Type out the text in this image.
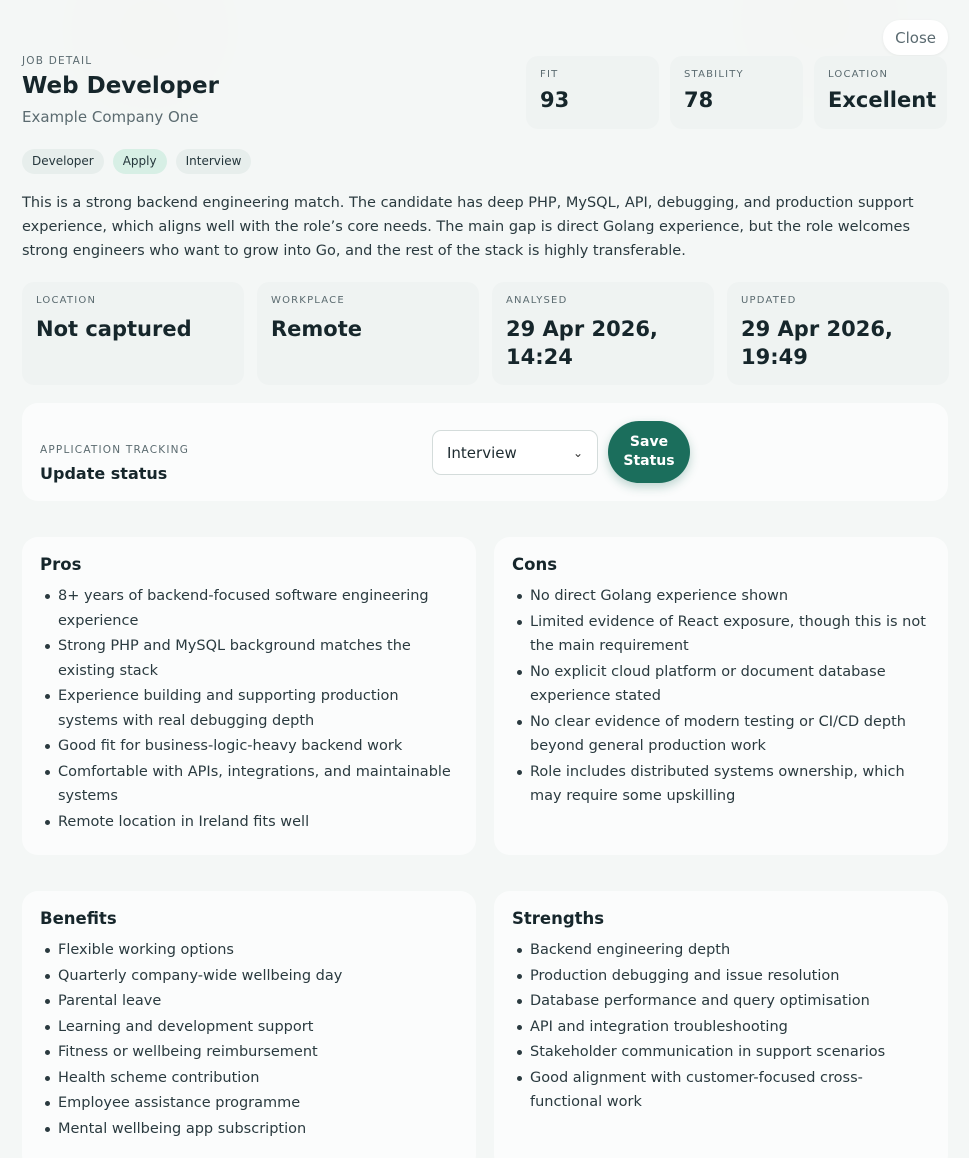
Close
JOB DETAIL
Web Developer
Example Company One
FIT
93
STABILITY
78
LOCATION
Excellent
Developer	Apply	Interview

This is a strong backend engineering match. The candidate has deep PHP, MySQL, API, debugging, and production support experience, which aligns well with the role’s core needs. The main gap is direct Golang experience, but the role welcomes strong engineers who want to grow into Go, and the rest of the stack is highly transferable.

LOCATION
Not captured
WORKPLACE
Remote
ANALYSED
29 Apr 2026, 14:24
UPDATED
29 Apr 2026, 19:49
APPLICATION TRACKING
Update status
Interview	⌄
Save
Status
Pros
8+ years of backend-focused software engineering experience
Strong PHP and MySQL background matches the existing stack
Experience building and supporting production systems with real debugging depth
Good fit for business-logic-heavy backend work
Comfortable with APIs, integrations, and maintainable systems
Remote location in Ireland fits well
Cons
No direct Golang experience shown
Limited evidence of React exposure, though this is not the main requirement
No explicit cloud platform or document database experience stated
No clear evidence of modern testing or CI/CD depth beyond general production work
Role includes distributed systems ownership, which may require some upskilling
Benefits
Flexible working options
Quarterly company-wide wellbeing day
Parental leave
Learning and development support
Fitness or wellbeing reimbursement
Health scheme contribution
Employee assistance programme
Mental wellbeing app subscription
Strengths
Backend engineering depth
Production debugging and issue resolution
Database performance and query optimisation
API and integration troubleshooting
Stakeholder communication in support scenarios
Good alignment with customer-focused cross-functional work
